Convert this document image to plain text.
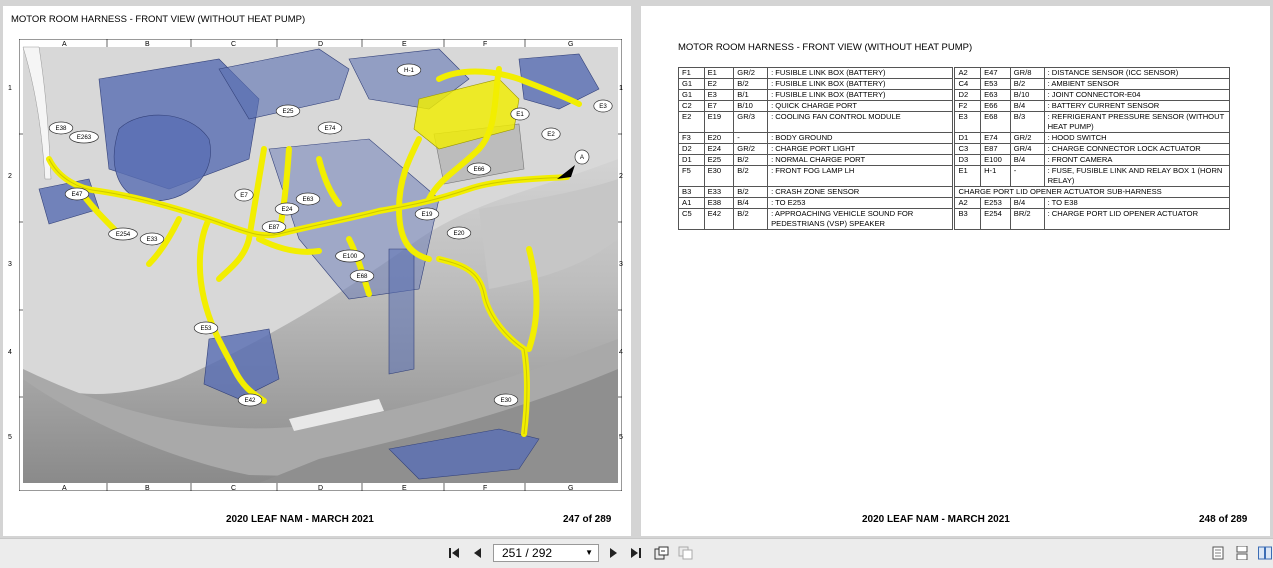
MOTOR ROOM HARNESS - FRONT VIEW (WITHOUT HEAT PUMP)
A	B	C	D	E	F	G
A	B	C	D	E	F	G
H-1
E1
E3
E2
E25
E74
E38
E263
E66
A
E47	E7
E24
E63
E87
E254
E33
E19
E20
E100
E68
E53
E42	E30
1
2
3
4
5
1
2
3
4
5
2020 LEAF NAM - MARCH 2021	247 of 289
MOTOR ROOM HARNESS - FRONT VIEW (WITHOUT HEAT PUMP)
F1	E1	GR/2	: FUSIBLE LINK BOX (BATTERY)		A2	E47	GR/8	: DISTANCE SENSOR (ICC SENSOR)
G1	E2	B/2	: FUSIBLE LINK BOX (BATTERY)		C4	E53	B/2	: AMBIENT SENSOR
G1	E3	B/1	: FUSIBLE LINK BOX (BATTERY)		D2	E63	B/10	: JOINT CONNECTOR-E04
C2	E7	B/10	: QUICK CHARGE PORT		F2	E66	B/4	: BATTERY CURRENT SENSOR
E2	E19	GR/3	: COOLING FAN CONTROL MODULE		E3	E68	B/3	: REFRIGERANT PRESSURE SENSOR (WITHOUT HEAT PUMP)
F3	E20	-	: BODY GROUND		D1	E74	GR/2	: HOOD SWITCH
D2	E24	GR/2	: CHARGE PORT LIGHT		C3	E87	GR/4	: CHARGE CONNECTOR LOCK ACTUATOR
D1	E25	B/2	: NORMAL CHARGE PORT		D3	E100	B/4	: FRONT CAMERA
F5	E30	B/2	: FRONT FOG LAMP LH		E1	H-1	-	: FUSE, FUSIBLE LINK AND RELAY BOX 1 (HORN RELAY)
B3	E33	B/2	: CRASH ZONE SENSOR		CHARGE PORT LID OPENER ACTUATOR SUB-HARNESS			
A1	E38	B/4	: TO E253		A2	E253	B/4	: TO E38
C5	E42	B/2	: APPROACHING VEHICLE SOUND FOR PEDESTRIANS (VSP) SPEAKER		B3	E254	BR/2	: CHARGE PORT LID OPENER ACTUATOR
2020 LEAF NAM - MARCH 2021	248 of 289
251 / 292	▼
